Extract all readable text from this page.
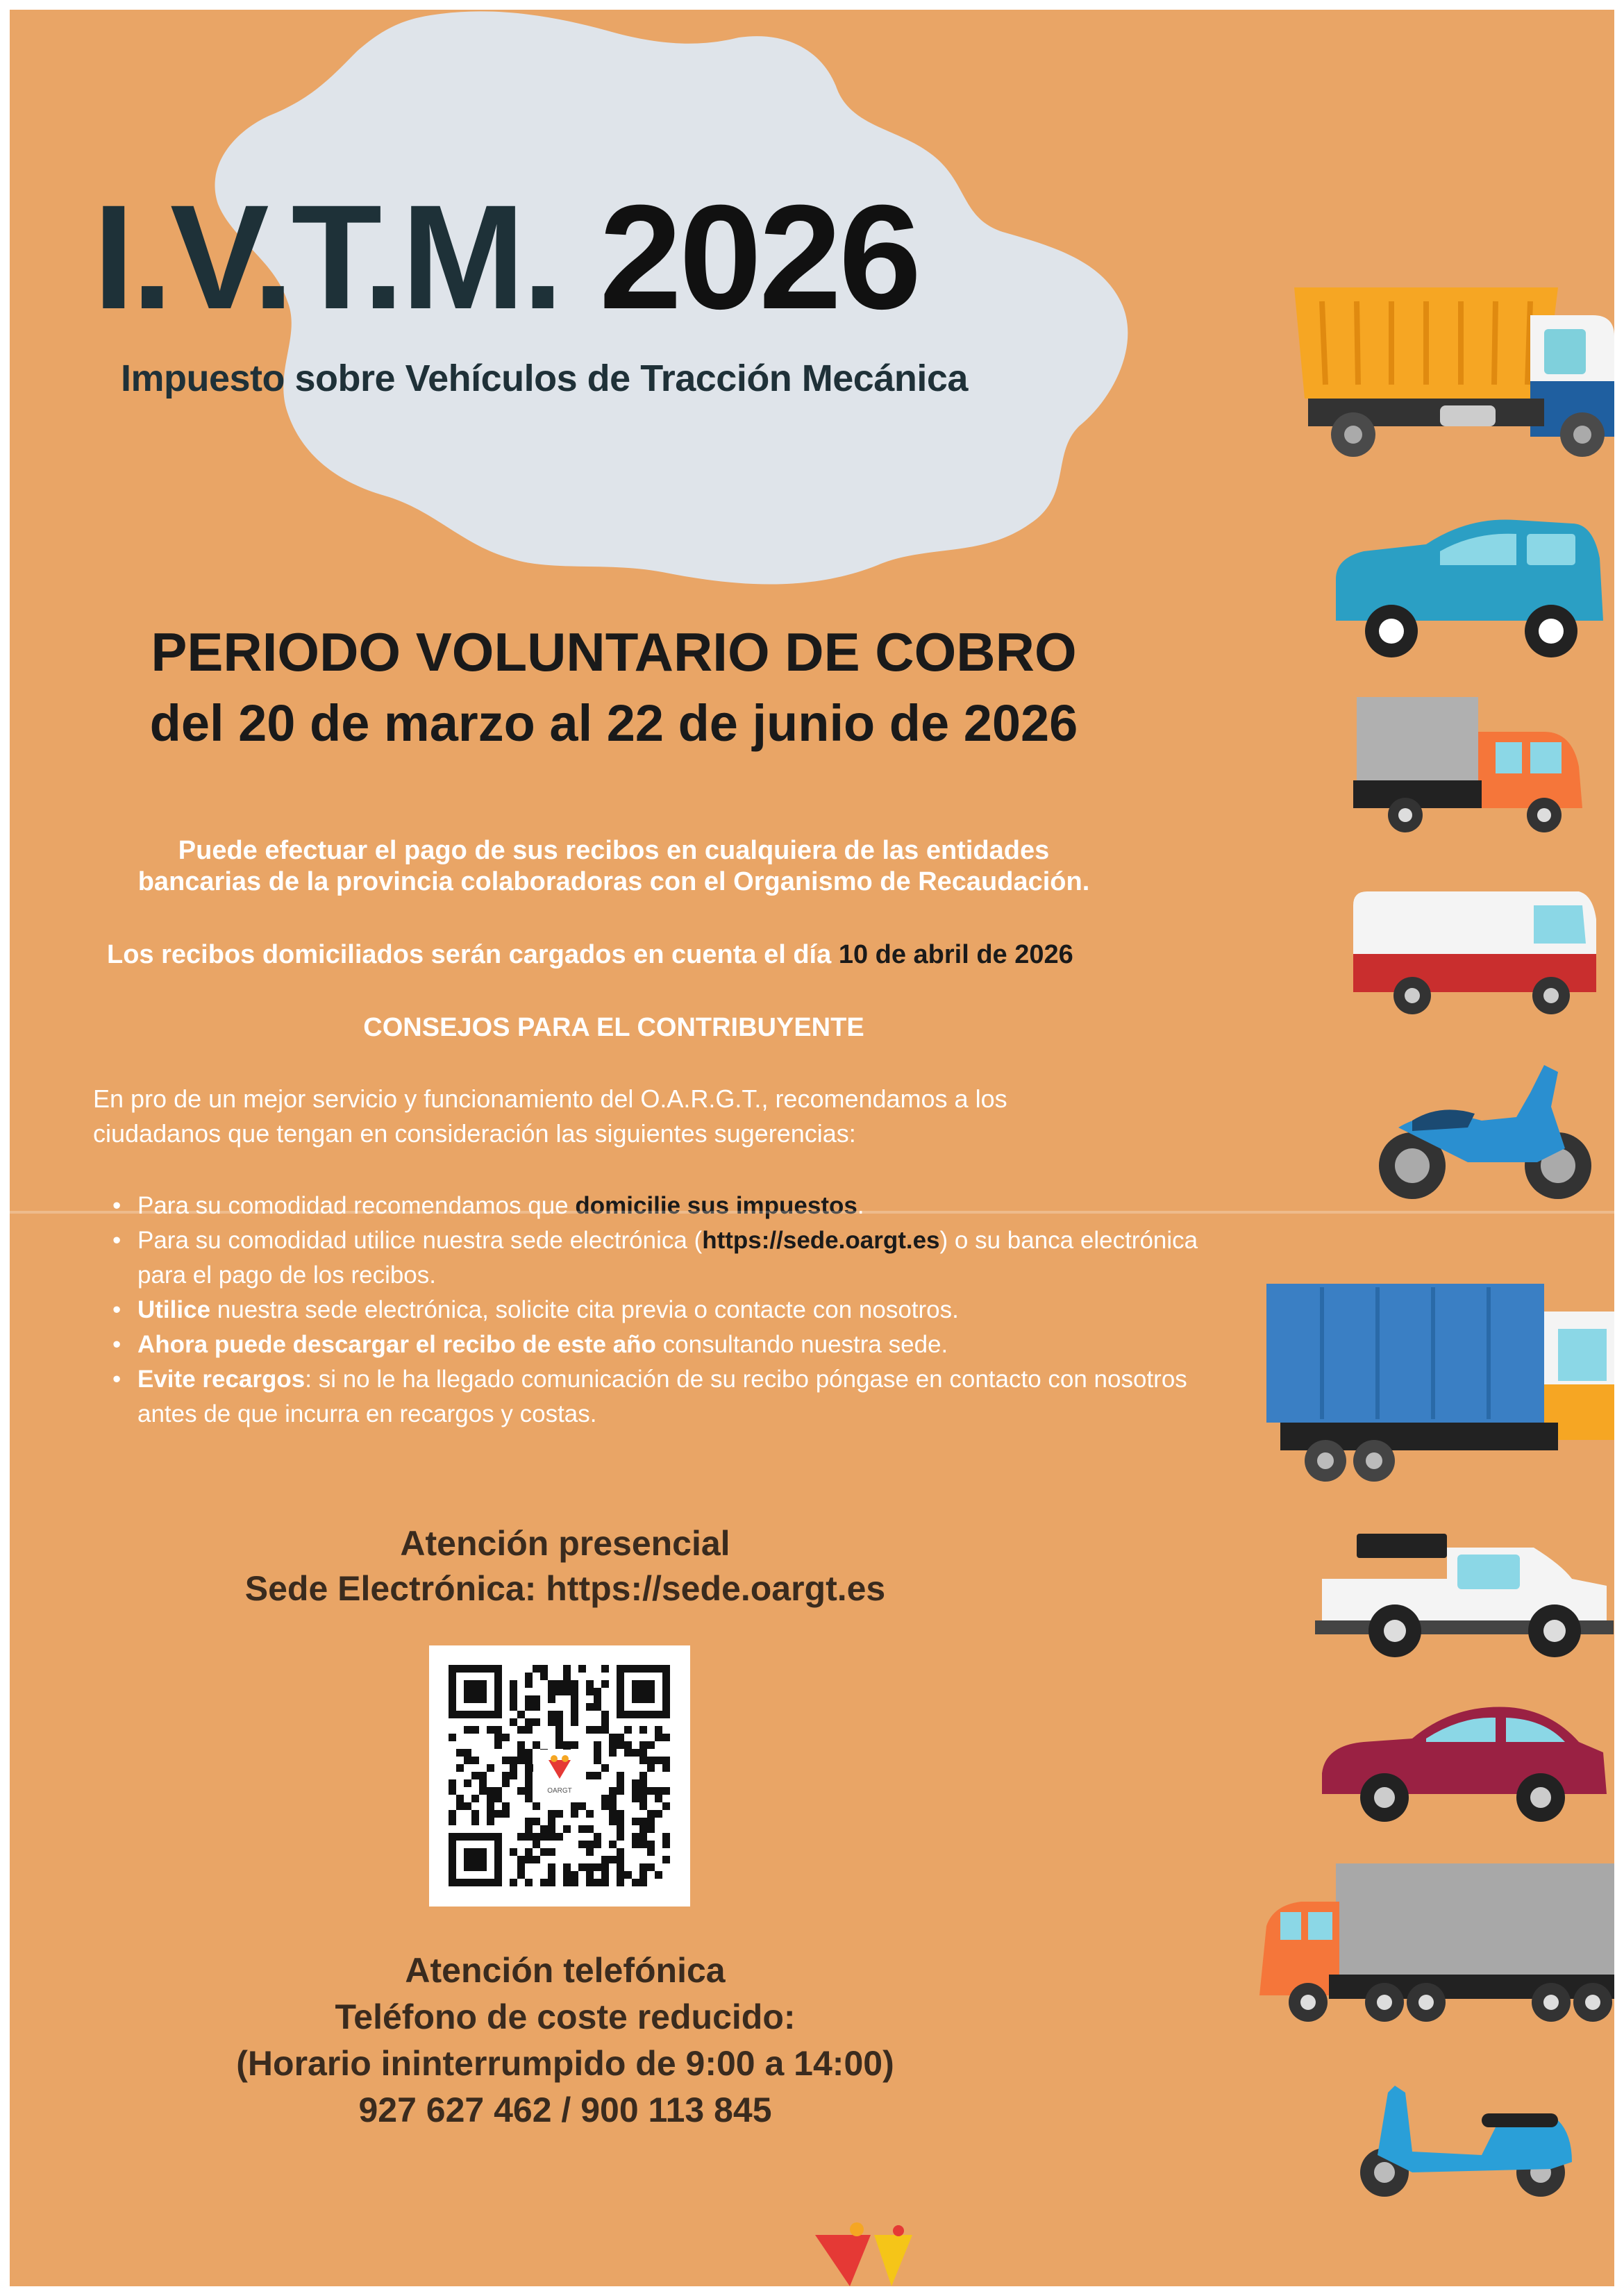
I.V.T.M. 2026
Impuesto sobre Vehículos de Tracción Mecánica
PERIODO VOLUNTARIO DE COBRO
del 20 de marzo al 22 de junio de 2026
Puede efectuar el pago de sus recibos en cualquiera de las entidades
bancarias de la provincia colaboradoras con el Organismo de Recaudación.
Los recibos domiciliados serán cargados en cuenta el día 10 de abril de 2026
CONSEJOS PARA EL CONTRIBUYENTE
En pro de un mejor servicio y funcionamiento del O.A.R.G.T., recomendamos a los
ciudadanos que tengan en consideración las siguientes sugerencias:
• Para su comodidad recomendamos que domicilie sus impuestos.
• Para su comodidad utilice nuestra sede electrónica (https://sede.oargt.es) o su banca electrónica para el pago de los recibos.
• Utilice nuestra sede electrónica, solicite cita previa o contacte con nosotros.
• Ahora puede descargar el recibo de este año consultando nuestra sede.
• Evite recargos: si no le ha llegado comunicación de su recibo póngase en contacto con nosotros antes de que incurra en recargos y costas.
Atención presencial
Sede Electrónica: https://sede.oargt.es
OARGT
Atención telefónica
Teléfono de coste reducido:
(Horario ininterrumpido de 9:00 a 14:00)
927 627 462 / 900 113 845
